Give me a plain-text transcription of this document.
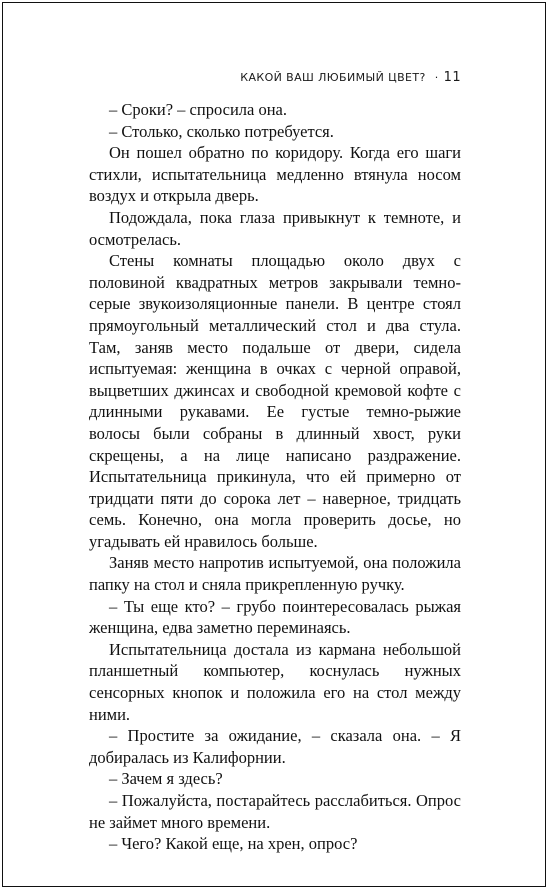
КАКОЙ ВАШ ЛЮБИМЫЙ ЦВЕТ? · 11

– Сроки? – спросила она.

– Столько, сколько потребуется.

Он пошел обратно по коридору. Когда его шаги стихли, испытательница медленно втянула носом воздух и открыла дверь.

Подождала, пока глаза привыкнут к темноте, и осмотрелась.

Стены комнаты площадью около двух с половиной квадратных метров закрывали темно-серые звукоизоляционные панели. В центре стоял прямоугольный металлический стол и два стула. Там, заняв место подальше от двери, сидела испытуемая: женщина в очках с черной оправой, выцветших джинсах и свободной кремовой кофте с длинными рукавами. Ее густые темно-рыжие волосы были собраны в длинный хвост, руки скрещены, а на лице написано раздражение. Испытательница прикинула, что ей примерно от тридцати пяти до сорока лет – наверное, тридцать семь. Конечно, она могла проверить досье, но угадывать ей нравилось больше.

Заняв место напротив испытуемой, она положила папку на стол и сняла прикрепленную ручку.

– Ты еще кто? – грубо поинтересовалась рыжая женщина, едва заметно переминаясь.

Испытательница достала из кармана небольшой планшетный компьютер, коснулась нужных сенсорных кнопок и положила его на стол между ними.

– Простите за ожидание, – сказала она. – Я добиралась из Калифорнии.

– Зачем я здесь?

– Пожалуйста, постарайтесь расслабиться. Опрос не займет много времени.

– Чего? Какой еще, на хрен, опрос?
